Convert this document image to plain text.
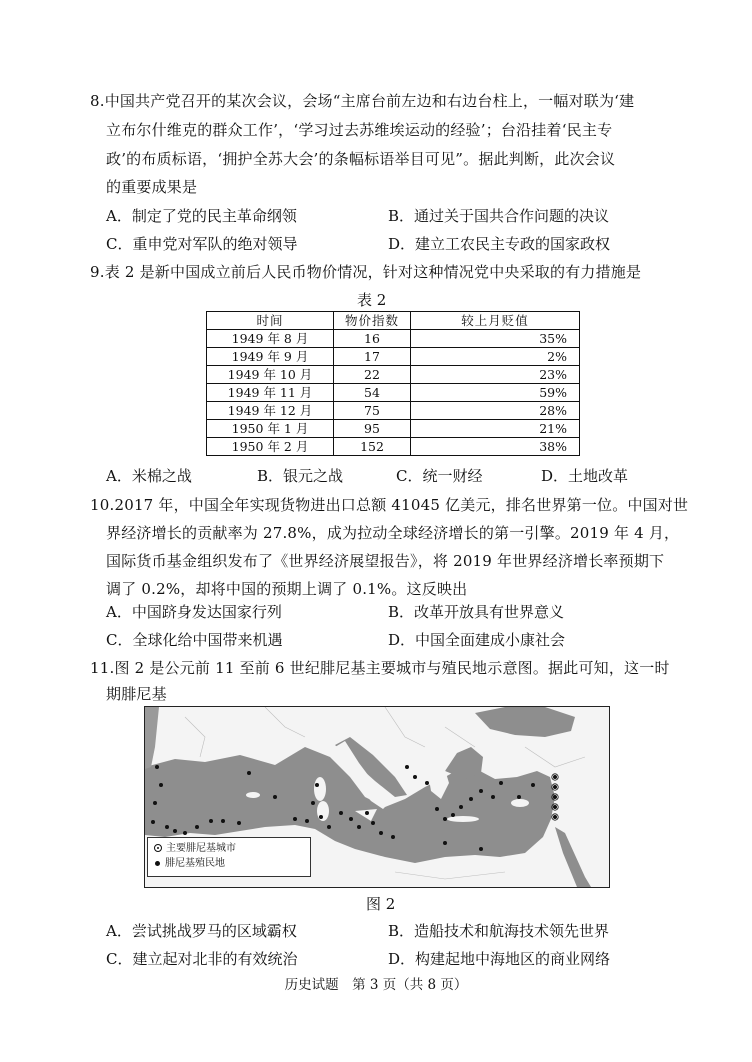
8.中国共产党召开的某次会议，会场“主席台前左边和右边台柱上，一幅对联为‘建
立布尔什维克的群众工作’，‘学习过去苏维埃运动的经验’；台沿挂着‘民主专
政’的布质标语，‘拥护全苏大会’的条幅标语举目可见”。据此判断，此次会议
的重要成果是
A．制定了党的民主革命纲领	B．通过关于国共合作问题的决议
C．重申党对军队的绝对领导	D．建立工农民主专政的国家政权
9.表 2 是新中国成立前后人民币物价情况，针对这种情况党中央采取的有力措施是
表 2
时间	物价指数	较上月贬值
1949 年 8 月	16	35%
1949 年 9 月	17	2%
1949 年 10 月	22	23%
1949 年 11 月	54	59%
1949 年 12 月	75	28%
1950 年 1 月	95	21%
1950 年 2 月	152	38%
A．米棉之战	B．银元之战	C．统一财经	D．土地改革
10.2017 年，中国全年实现货物进出口总额 41045 亿美元，排名世界第一位。中国对世
界经济增长的贡献率为 27.8%，成为拉动全球经济增长的第一引擎。2019 年 4 月，
国际货币基金组织发布了《世界经济展望报告》，将 2019 年世界经济增长率预期下
调了 0.2%，却将中国的预期上调了 0.1%。这反映出
A．中国跻身发达国家行列	B．改革开放具有世界意义
C．全球化给中国带来机遇	D．中国全面建成小康社会
11.图 2 是公元前 11 至前 6 世纪腓尼基主要城市与殖民地示意图。据此可知，这一时
期腓尼基
主要腓尼基城市
腓尼基殖民地
图 2
A．尝试挑战罗马的区域霸权	B．造船技术和航海技术领先世界
C．建立起对北非的有效统治	D．构建起地中海地区的商业网络
历史试题　第 3 页（共 8 页）
